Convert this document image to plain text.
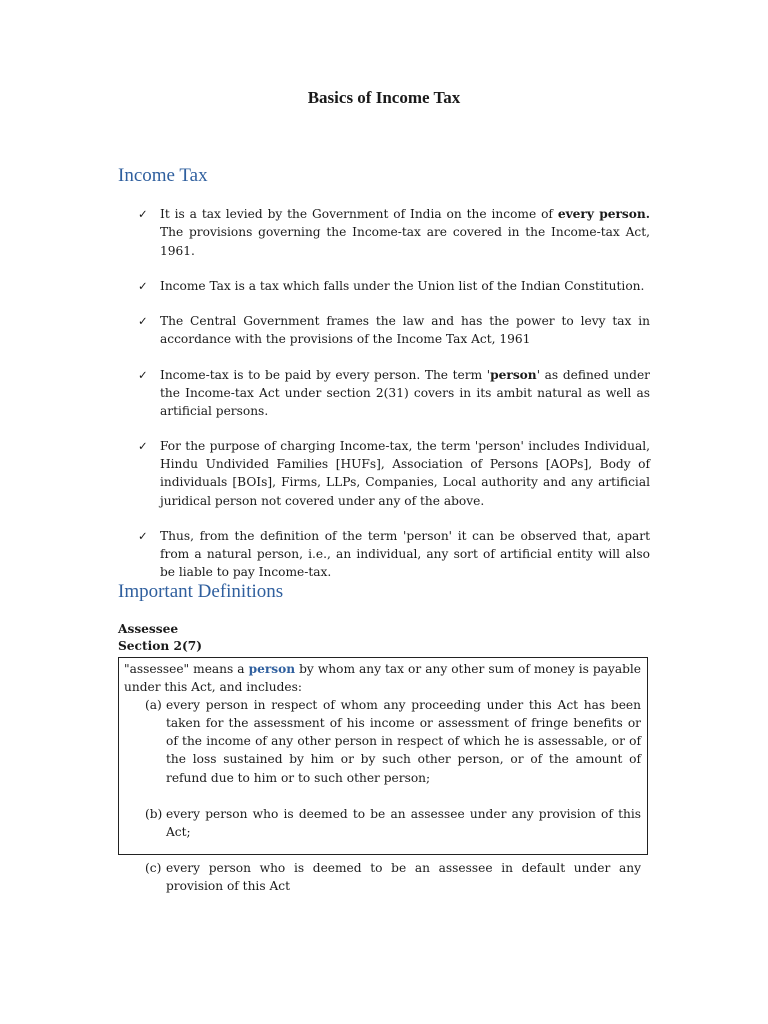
Basics of Income Tax
Income Tax
✓ It is a tax levied by the Government of India on the income of every person. The provisions governing the Income-tax are covered in the Income-tax Act, 1961.
✓ Income Tax is a tax which falls under the Union list of the Indian Constitution.
✓ The Central Government frames the law and has the power to levy tax in accordance with the provisions of the Income Tax Act, 1961
✓ Income-tax is to be paid by every person. The term 'person' as defined under the Income-tax Act under section 2(31) covers in its ambit natural as well as artificial persons.
✓ For the purpose of charging Income-tax, the term 'person' includes Individual, Hindu Undivided Families [HUFs], Association of Persons [AOPs], Body of individuals [BOIs], Firms, LLPs, Companies, Local authority and any artificial juridical person not covered under any of the above.
✓ Thus, from the definition of the term 'person' it can be observed that, apart from a natural person, i.e., an individual, any sort of artificial entity will also be liable to pay Income-tax.
Important Definitions

Assessee

Section 2(7)

"assessee" means a person by whom any tax or any other sum of money is payable under this Act, and includes:

(a) every person in respect of whom any proceeding under this Act has been taken for the assessment of his income or assessment of fringe benefits or of the income of any other person in respect of which he is assessable, or of the loss sustained by him or by such other person, or of the amount of refund due to him or to such other person;
(b) every person who is deemed to be an assessee under any provision of this Act;
(c) every person who is deemed to be an assessee in default under any provision of this Act
